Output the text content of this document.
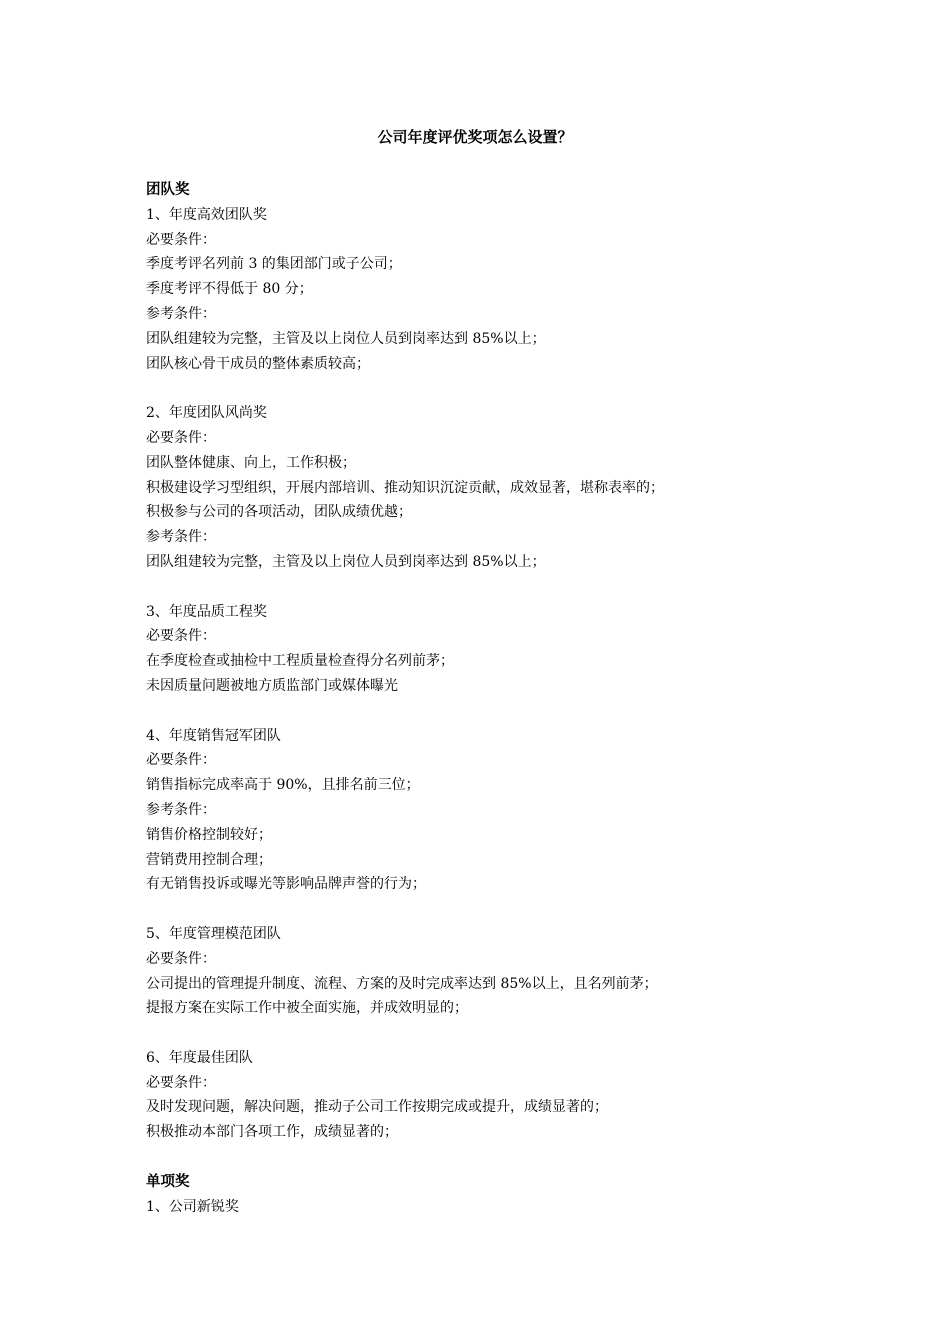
公司年度评优奖项怎么设置？
团队奖
1、年度高效团队奖
必要条件：
季度考评名列前 3 的集团部门或子公司；
季度考评不得低于 80 分；
参考条件：
团队组建较为完整，主管及以上岗位人员到岗率达到 85%以上；
团队核心骨干成员的整体素质较高；
2、年度团队风尚奖
必要条件：
团队整体健康、向上，工作积极；
积极建设学习型组织，开展内部培训、推动知识沉淀贡献，成效显著，堪称表率的；
积极参与公司的各项活动，团队成绩优越；
参考条件：
团队组建较为完整，主管及以上岗位人员到岗率达到 85%以上；
3、年度品质工程奖
必要条件：
在季度检查或抽检中工程质量检查得分名列前茅；
未因质量问题被地方质监部门或媒体曝光
4、年度销售冠军团队
必要条件：
销售指标完成率高于 90%，且排名前三位；
参考条件：
销售价格控制较好；
营销费用控制合理；
有无销售投诉或曝光等影响品牌声誉的行为；
5、年度管理模范团队
必要条件：
公司提出的管理提升制度、流程、方案的及时完成率达到 85%以上，且名列前茅；
提报方案在实际工作中被全面实施，并成效明显的；
6、年度最佳团队
必要条件：
及时发现问题，解决问题，推动子公司工作按期完成或提升，成绩显著的；
积极推动本部门各项工作，成绩显著的；
单项奖
1、公司新锐奖
